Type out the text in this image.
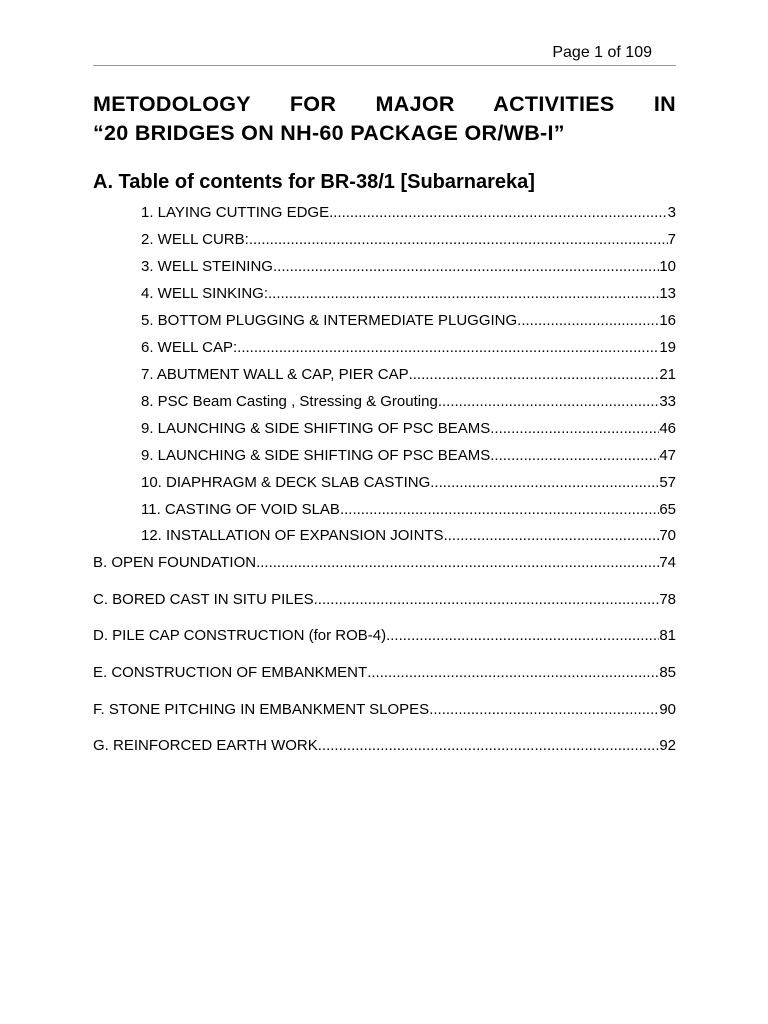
Page 1 of 109
METODOLOGY FOR MAJOR ACTIVITIES IN
“20 BRIDGES ON NH-60 PACKAGE OR/WB-I”
A. Table of contents for BR-38/1 [Subarnareka]
1. LAYING CUTTING EDGE .....	3
2. WELL CURB: .....	7
3. WELL STEINING .....	10
4. WELL SINKING: .....	13
5. BOTTOM PLUGGING & INTERMEDIATE PLUGGING .....	16
6. WELL CAP: .....	19
7. ABUTMENT WALL & CAP, PIER CAP .....	21
8. PSC Beam Casting , Stressing & Grouting .....	33
9. LAUNCHING & SIDE SHIFTING OF PSC BEAMS .....	46
9. LAUNCHING & SIDE SHIFTING OF PSC BEAMS .....	47
10. DIAPHRAGM & DECK SLAB CASTING .....	57
11. CASTING OF VOID SLAB .....	65
12. INSTALLATION OF EXPANSION JOINTS .....	70
B. OPEN FOUNDATION .....	74
C. BORED CAST IN SITU PILES .....	78
D. PILE CAP CONSTRUCTION (for ROB-4) .....	81
E. CONSTRUCTION OF EMBANKMENT .....	85
F. STONE PITCHING IN EMBANKMENT SLOPES .....	90
G. REINFORCED EARTH WORK .....	92
